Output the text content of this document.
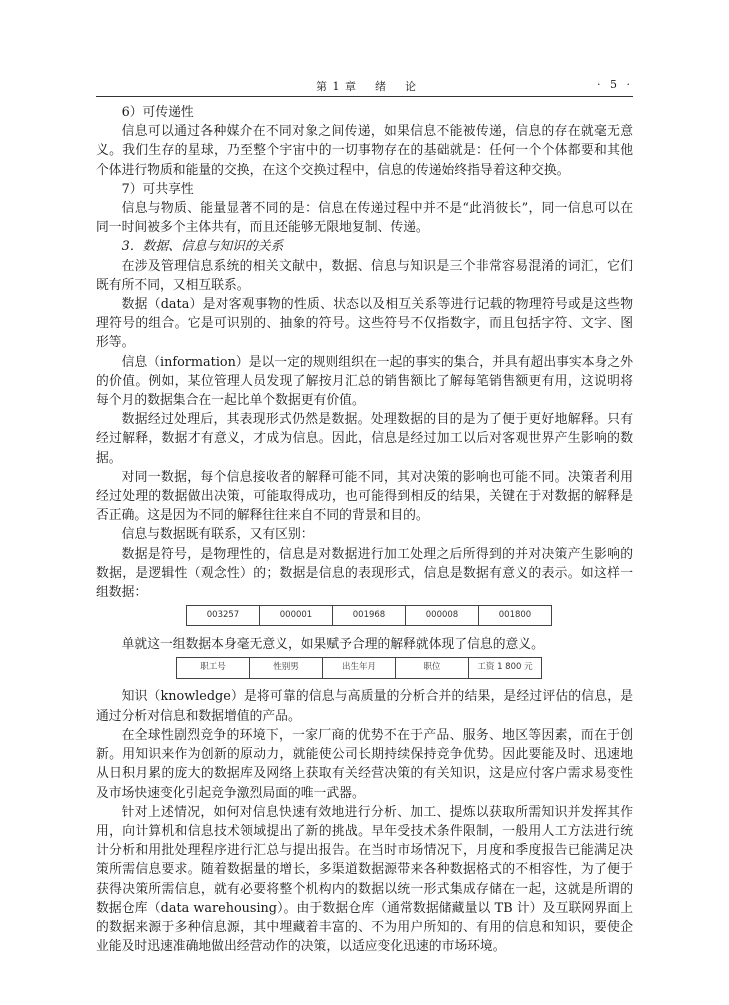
第 1 章 绪 论	· 5 ·

6）可传递性

信息可以通过各种媒介在不同对象之间传递，如果信息不能被传递，信息的存在就毫无意义。我们生存的星球，乃至整个宇宙中的一切事物存在的基础就是：任何一个个体都要和其他个体进行物质和能量的交换，在这个交换过程中，信息的传递始终指导着这种交换。

7）可共享性

信息与物质、能量显著不同的是：信息在传递过程中并不是“此消彼长”，同一信息可以在同一时间被多个主体共有，而且还能够无限地复制、传递。

3．数据、信息与知识的关系

在涉及管理信息系统的相关文献中，数据、信息与知识是三个非常容易混淆的词汇，它们既有所不同，又相互联系。

数据（data）是对客观事物的性质、状态以及相互关系等进行记载的物理符号或是这些物理符号的组合。它是可识别的、抽象的符号。这些符号不仅指数字，而且包括字符、文字、图形等。

信息（information）是以一定的规则组织在一起的事实的集合，并具有超出事实本身之外的价值。例如，某位管理人员发现了解按月汇总的销售额比了解每笔销售额更有用，这说明将每个月的数据集合在一起比单个数据更有价值。

数据经过处理后，其表现形式仍然是数据。处理数据的目的是为了便于更好地解释。只有经过解释，数据才有意义，才成为信息。因此，信息是经过加工以后对客观世界产生影响的数据。

对同一数据，每个信息接收者的解释可能不同，其对决策的影响也可能不同。决策者利用经过处理的数据做出决策，可能取得成功，也可能得到相反的结果，关键在于对数据的解释是否正确。这是因为不同的解释往往来自不同的背景和目的。

信息与数据既有联系，又有区别：

数据是符号，是物理性的，信息是对数据进行加工处理之后所得到的并对决策产生影响的数据，是逻辑性（观念性）的；数据是信息的表现形式，信息是数据有意义的表示。如这样一组数据：

003257	000001	001968	000008	001800

单就这一组数据本身毫无意义，如果赋予合理的解释就体现了信息的意义。

职工号	性别男	出生年月	职位	工资 1 800 元

知识（knowledge）是将可靠的信息与高质量的分析合并的结果，是经过评估的信息，是通过分析对信息和数据增值的产品。

在全球性剧烈竞争的环境下，一家厂商的优势不在于产品、服务、地区等因素，而在于创新。用知识来作为创新的原动力，就能使公司长期持续保持竞争优势。因此要能及时、迅速地从日积月累的庞大的数据库及网络上获取有关经营决策的有关知识，这是应付客户需求易变性及市场快速变化引起竞争激烈局面的唯一武器。

针对上述情况，如何对信息快速有效地进行分析、加工、提炼以获取所需知识并发挥其作用，向计算机和信息技术领域提出了新的挑战。早年受技术条件限制，一般用人工方法进行统计分析和用批处理程序进行汇总与提出报告。在当时市场情况下，月度和季度报告已能满足决策所需信息要求。随着数据量的增长，多渠道数据源带来各种数据格式的不相容性，为了便于获得决策所需信息，就有必要将整个机构内的数据以统一形式集成存储在一起，这就是所谓的数据仓库（data warehousing）。由于数据仓库（通常数据储藏量以 TB 计）及互联网界面上的数据来源于多种信息源，其中埋藏着丰富的、不为用户所知的、有用的信息和知识，要使企业能及时迅速准确地做出经营动作的决策，以适应变化迅速的市场环境。
